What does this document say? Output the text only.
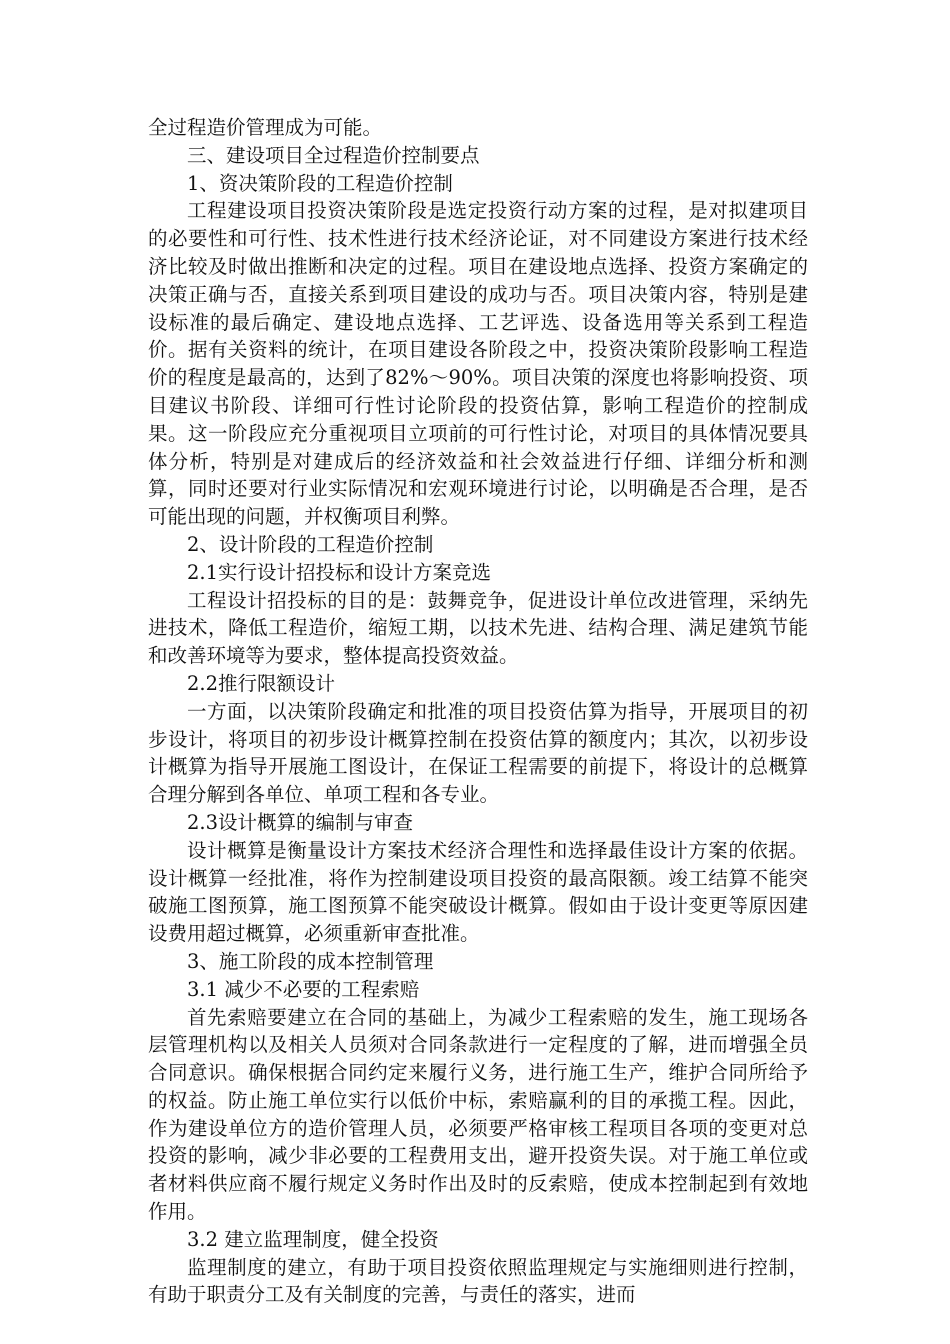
全过程造价管理成为可能。

三、建设项目全过程造价控制要点

1、资决策阶段的工程造价控制

工程建设项目投资决策阶段是选定投资行动方案的过程，是对拟建项目的必要性和可行性、技术性进行技术经济论证，对不同建设方案进行技术经济比较及时做出推断和决定的过程。项目在建设地点选择、投资方案确定的决策正确与否，直接关系到项目建设的成功与否。项目决策内容，特别是建设标准的最后确定、建设地点选择、工艺评选、设备选用等关系到工程造价。据有关资料的统计，在项目建设各阶段之中，投资决策阶段影响工程造价的程度是最高的，达到了82%～90%。项目决策的深度也将影响投资、项目建议书阶段、详细可行性讨论阶段的投资估算，影响工程造价的控制成果。这一阶段应充分重视项目立项前的可行性讨论，对项目的具体情况要具体分析，特别是对建成后的经济效益和社会效益进行仔细、详细分析和测算，同时还要对行业实际情况和宏观环境进行讨论，以明确是否合理，是否可能出现的问题，并权衡项目利弊。

2、设计阶段的工程造价控制

2.1实行设计招投标和设计方案竞选

工程设计招投标的目的是：鼓舞竞争，促进设计单位改进管理，采纳先进技术，降低工程造价，缩短工期，以技术先进、结构合理、满足建筑节能和改善环境等为要求，整体提高投资效益。

2.2推行限额设计

一方面，以决策阶段确定和批准的项目投资估算为指导，开展项目的初步设计，将项目的初步设计概算控制在投资估算的额度内；其次，以初步设计概算为指导开展施工图设计，在保证工程需要的前提下，将设计的总概算合理分解到各单位、单项工程和各专业。

2.3设计概算的编制与审查

设计概算是衡量设计方案技术经济合理性和选择最佳设计方案的依据。设计概算一经批准，将作为控制建设项目投资的最高限额。竣工结算不能突破施工图预算，施工图预算不能突破设计概算。假如由于设计变更等原因建设费用超过概算，必须重新审查批准。

3、施工阶段的成本控制管理

3.1 减少不必要的工程索赔

首先索赔要建立在合同的基础上，为减少工程索赔的发生，施工现场各层管理机构以及相关人员须对合同条款进行一定程度的了解，进而增强全员合同意识。确保根据合同约定来履行义务，进行施工生产，维护合同所给予的权益。防止施工单位实行以低价中标，索赔赢利的目的承揽工程。因此，作为建设单位方的造价管理人员，必须要严格审核工程项目各项的变更对总投资的影响，减少非必要的工程费用支出，避开投资失误。对于施工单位或者材料供应商不履行规定义务时作出及时的反索赔，使成本控制起到有效地作用。

3.2 建立监理制度，健全投资

监理制度的建立，有助于项目投资依照监理规定与实施细则进行控制，有助于职责分工及有关制度的完善，与责任的落实，进而
